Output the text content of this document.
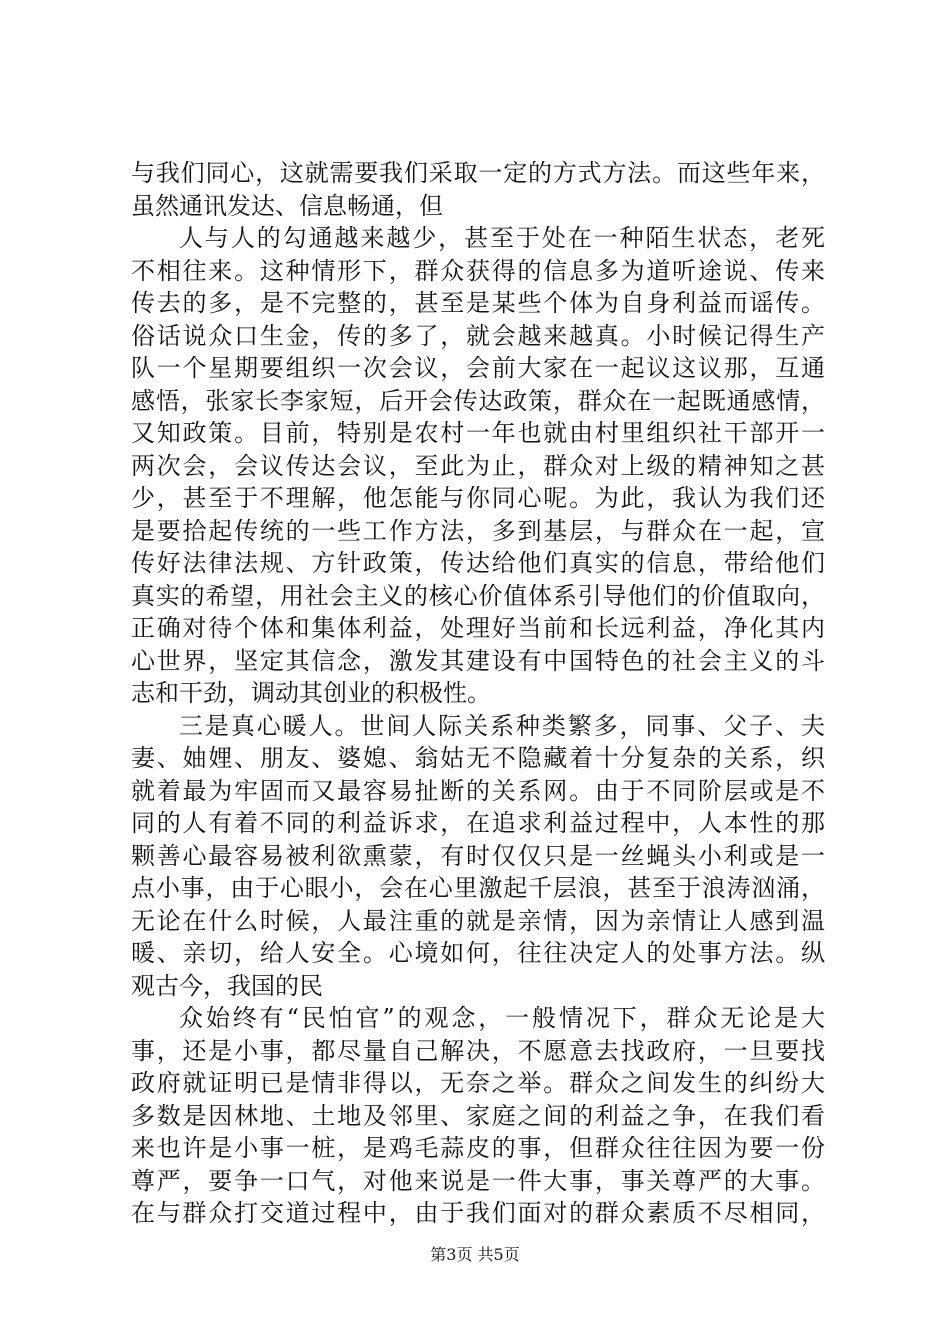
与我们同心，这就需要我们采取一定的方式方法。而这些年来，
虽然通讯发达、信息畅通，但
人与人的勾通越来越少，甚至于处在一种陌生状态，老死
不相往来。这种情形下，群众获得的信息多为道听途说、传来
传去的多，是不完整的，甚至是某些个体为自身利益而谣传。
俗话说众口生金，传的多了，就会越来越真。小时候记得生产
队一个星期要组织一次会议，会前大家在一起议这议那，互通
感悟，张家长李家短，后开会传达政策，群众在一起既通感情，
又知政策。目前，特别是农村一年也就由村里组织社干部开一
两次会，会议传达会议，至此为止，群众对上级的精神知之甚
少，甚至于不理解，他怎能与你同心呢。为此，我认为我们还
是要拾起传统的一些工作方法，多到基层，与群众在一起，宣
传好法律法规、方针政策，传达给他们真实的信息，带给他们
真实的希望，用社会主义的核心价值体系引导他们的价值取向，
正确对待个体和集体利益，处理好当前和长远利益，净化其内
心世界，坚定其信念，激发其建设有中国特色的社会主义的斗
志和干劲，调动其创业的积极性。
三是真心暖人。世间人际关系种类繁多，同事、父子、夫
妻、妯娌、朋友、婆媳、翁姑无不隐藏着十分复杂的关系，织
就着最为牢固而又最容易扯断的关系网。由于不同阶层或是不
同的人有着不同的利益诉求，在追求利益过程中，人本性的那
颗善心最容易被利欲熏蒙，有时仅仅只是一丝蝇头小利或是一
点小事，由于心眼小，会在心里激起千层浪，甚至于浪涛汹涌，
无论在什么时候，人最注重的就是亲情，因为亲情让人感到温
暖、亲切，给人安全。心境如何，往往决定人的处事方法。纵
观古今，我国的民
众始终有“民怕官”的观念，一般情况下，群众无论是大
事，还是小事，都尽量自己解决，不愿意去找政府，一旦要找
政府就证明已是情非得以，无奈之举。群众之间发生的纠纷大
多数是因林地、土地及邻里、家庭之间的利益之争，在我们看
来也许是小事一桩，是鸡毛蒜皮的事，但群众往往因为要一份
尊严，要争一口气，对他来说是一件大事，事关尊严的大事。
在与群众打交道过程中，由于我们面对的群众素质不尽相同，
第3页 共5页
